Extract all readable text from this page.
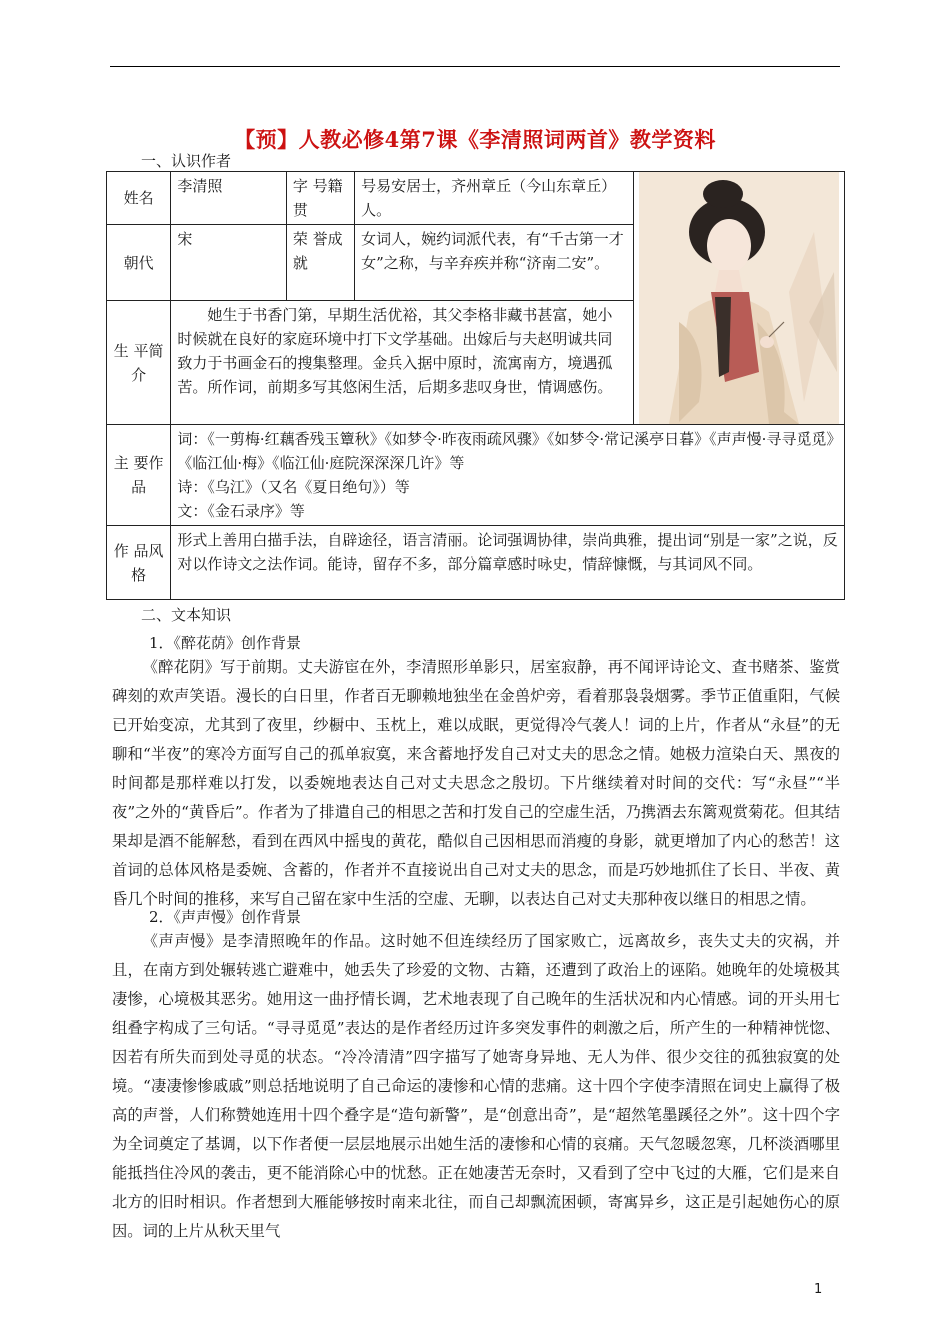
【预】人教必修4第7课《李清照词两首》教学资料
一、认识作者
姓名	李清照	字 号籍贯	号易安居士，齐州章丘（今山东章丘）人。	

朝代	宋	荣 誉成就	女词人，婉约词派代表，有“千古第一才女”之称，与辛弃疾并称“济南二安”。	
生 平简介	她生于书香门第，早期生活优裕，其父李格非藏书甚富，她小时候就在良好的家庭环境中打下文学基础。出嫁后与夫赵明诚共同致力于书画金石的搜集整理。金兵入据中原时，流寓南方，境遇孤苦。所作词，前期多写其悠闲生活，后期多悲叹身世，情调感伤。			
主 要作品	词：《一剪梅·红藕香残玉簟秋》《如梦令·昨夜雨疏风骤》《如梦令·常记溪亭日暮》《声声慢·寻寻觅觅》《临江仙·梅》《临江仙·庭院深深深几许》等
诗：《乌江》（又名《夏日绝句》）等
文：《金石录序》等			

作 品风格	形式上善用白描手法，自辟途径，语言清丽。论词强调协律，崇尚典雅，提出词“别是一家”之说，反对以作诗文之法作词。能诗，留存不多，部分篇章感时咏史，情辞慷慨，与其词风不同。			
二、文本知识
1．《醉花荫》创作背景

《醉花阴》写于前期。丈夫游宦在外，李清照形单影只，居室寂静，再不闻评诗论文、查书赌茶、鉴赏碑刻的欢声笑语。漫长的白日里，作者百无聊赖地独坐在金兽炉旁，看着那袅袅烟雾。季节正值重阳，气候已开始变凉，尤其到了夜里，纱橱中、玉枕上，难以成眠，更觉得冷气袭人！词的上片，作者从“永昼”的无聊和“半夜”的寒冷方面写自己的孤单寂寞，来含蓄地抒发自己对丈夫的思念之情。她极力渲染白天、黑夜的时间都是那样难以打发，以委婉地表达自己对丈夫思念之殷切。下片继续着对时间的交代：写“永昼”“半夜”之外的“黄昏后”。作者为了排遣自己的相思之苦和打发自己的空虚生活，乃携酒去东篱观赏菊花。但其结果却是酒不能解愁，看到在西风中摇曳的黄花，酷似自己因相思而消瘦的身影，就更增加了内心的愁苦！这首词的总体风格是委婉、含蓄的，作者并不直接说出自己对丈夫的思念，而是巧妙地抓住了长日、半夜、黄昏几个时间的推移，来写自己留在家中生活的空虚、无聊，以表达自己对丈夫那种夜以继日的相思之情。

2．《声声慢》创作背景

《声声慢》是李清照晚年的作品。这时她不但连续经历了国家败亡，远离故乡，丧失丈夫的灾祸，并且，在南方到处辗转逃亡避难中，她丢失了珍爱的文物、古籍，还遭到了政治上的诬陷。她晚年的处境极其凄惨，心境极其恶劣。她用这一曲抒情长调，艺术地表现了自己晚年的生活状况和内心情感。词的开头用七组叠字构成了三句话。“寻寻觅觅”表达的是作者经历过许多突发事件的刺激之后，所产生的一种精神恍惚、因若有所失而到处寻觅的状态。“冷冷清清”四字描写了她寄身异地、无人为伴、很少交往的孤独寂寞的处境。“凄凄惨惨戚戚”则总括地说明了自己命运的凄惨和心情的悲痛。这十四个字使李清照在词史上赢得了极高的声誉，人们称赞她连用十四个叠字是“造句新警”，是“创意出奇”，是“超然笔墨蹊径之外”。这十四个字为全词奠定了基调，以下作者便一层层地展示出她生活的凄惨和心情的哀痛。天气忽暖忽寒，几杯淡酒哪里能抵挡住冷风的袭击，更不能消除心中的忧愁。正在她凄苦无奈时，又看到了空中飞过的大雁，它们是来自北方的旧时相识。作者想到大雁能够按时南来北往，而自己却飘流困顿，寄寓异乡，这正是引起她伤心的原因。词的上片从秋天里气

1
